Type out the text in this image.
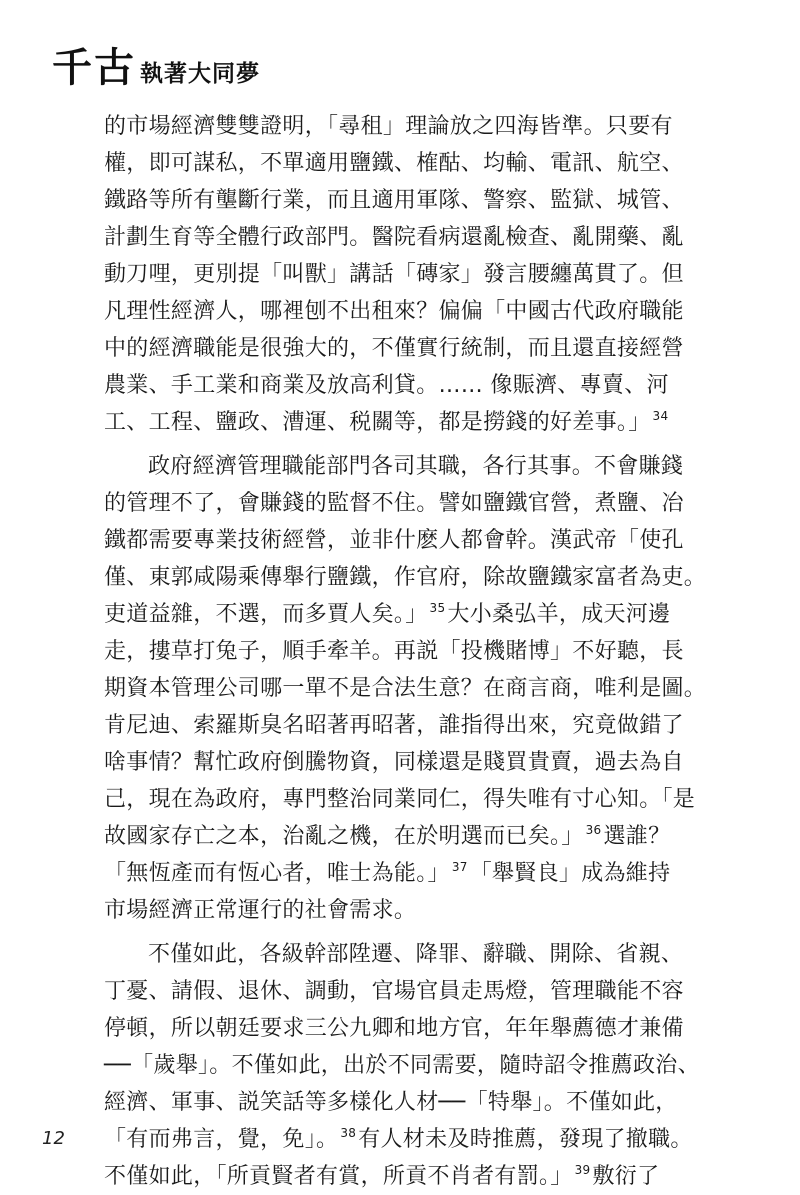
千古 執著大同夢
的市場經濟雙雙證明，「尋租」理論放之四海皆準。只要有
權，即可謀私，不單適用鹽鐵、榷酤、均輸、電訊、航空、
鐵路等所有壟斷行業，而且適用軍隊、警察、監獄、城管、
計劃生育等全體行政部門。醫院看病還亂檢查、亂開藥、亂
動刀哩，更別提「叫獸」講話「磚家」發言腰纏萬貫了。但
凡理性經濟人，哪裡刨不出租來？偏偏「中國古代政府職能
中的經濟職能是很強大的，不僅實行統制，而且還直接經營
農業、手工業和商業及放高利貸。…… 像賑濟、專賣、河
工、工程、鹽政、漕運、税關等，都是撈錢的好差事。」 $^{34}$
政府經濟管理職能部門各司其職，各行其事。不會賺錢
的管理不了，會賺錢的監督不住。譬如鹽鐵官營，煮鹽、冶
鐵都需要專業技術經營，並非什麽人都會幹。漢武帝「使孔
僅、東郭咸陽乘傳舉行鹽鐵，作官府，除故鹽鐵家富者為吏。
吏道益雜，不選，而多賈人矣。」 $^{35}$大小桑弘羊，成天河邊
走，摟草打兔子，順手牽羊。再説「投機賭博」不好聽，長
期資本管理公司哪一單不是合法生意？在商言商，唯利是圖。
肯尼迪、索羅斯臭名昭著再昭著，誰指得出來，究竟做錯了
啥事情？幫忙政府倒騰物資，同樣還是賤買貴賣，過去為自
己，現在為政府，專門整治同業同仁，得失唯有寸心知。「是
故國家存亡之本，治亂之機，在於明選而已矣。」 $^{36}$選誰？
「無恆產而有恆心者，唯士為能。」 $^{37}$「舉賢良」成為維持
市場經濟正常運行的社會需求。
不僅如此，各級幹部陞遷、降罪、辭職、開除、省親、
丁憂、請假、退休、調動，官場官員走馬燈，管理職能不容
停頓，所以朝廷要求三公九卿和地方官，年年舉薦德才兼備
──「歲舉」。不僅如此，出於不同需要，隨時詔令推薦政治、
經濟、軍事、説笑話等多樣化人材──「特舉」。不僅如此，
「有而弗言，覺，免」。 $^{38}$有人材未及時推薦，發現了撤職。
不僅如此，「所貢賢者有賞，所貢不肖者有罰。」 $^{39}$敷衍了
12
